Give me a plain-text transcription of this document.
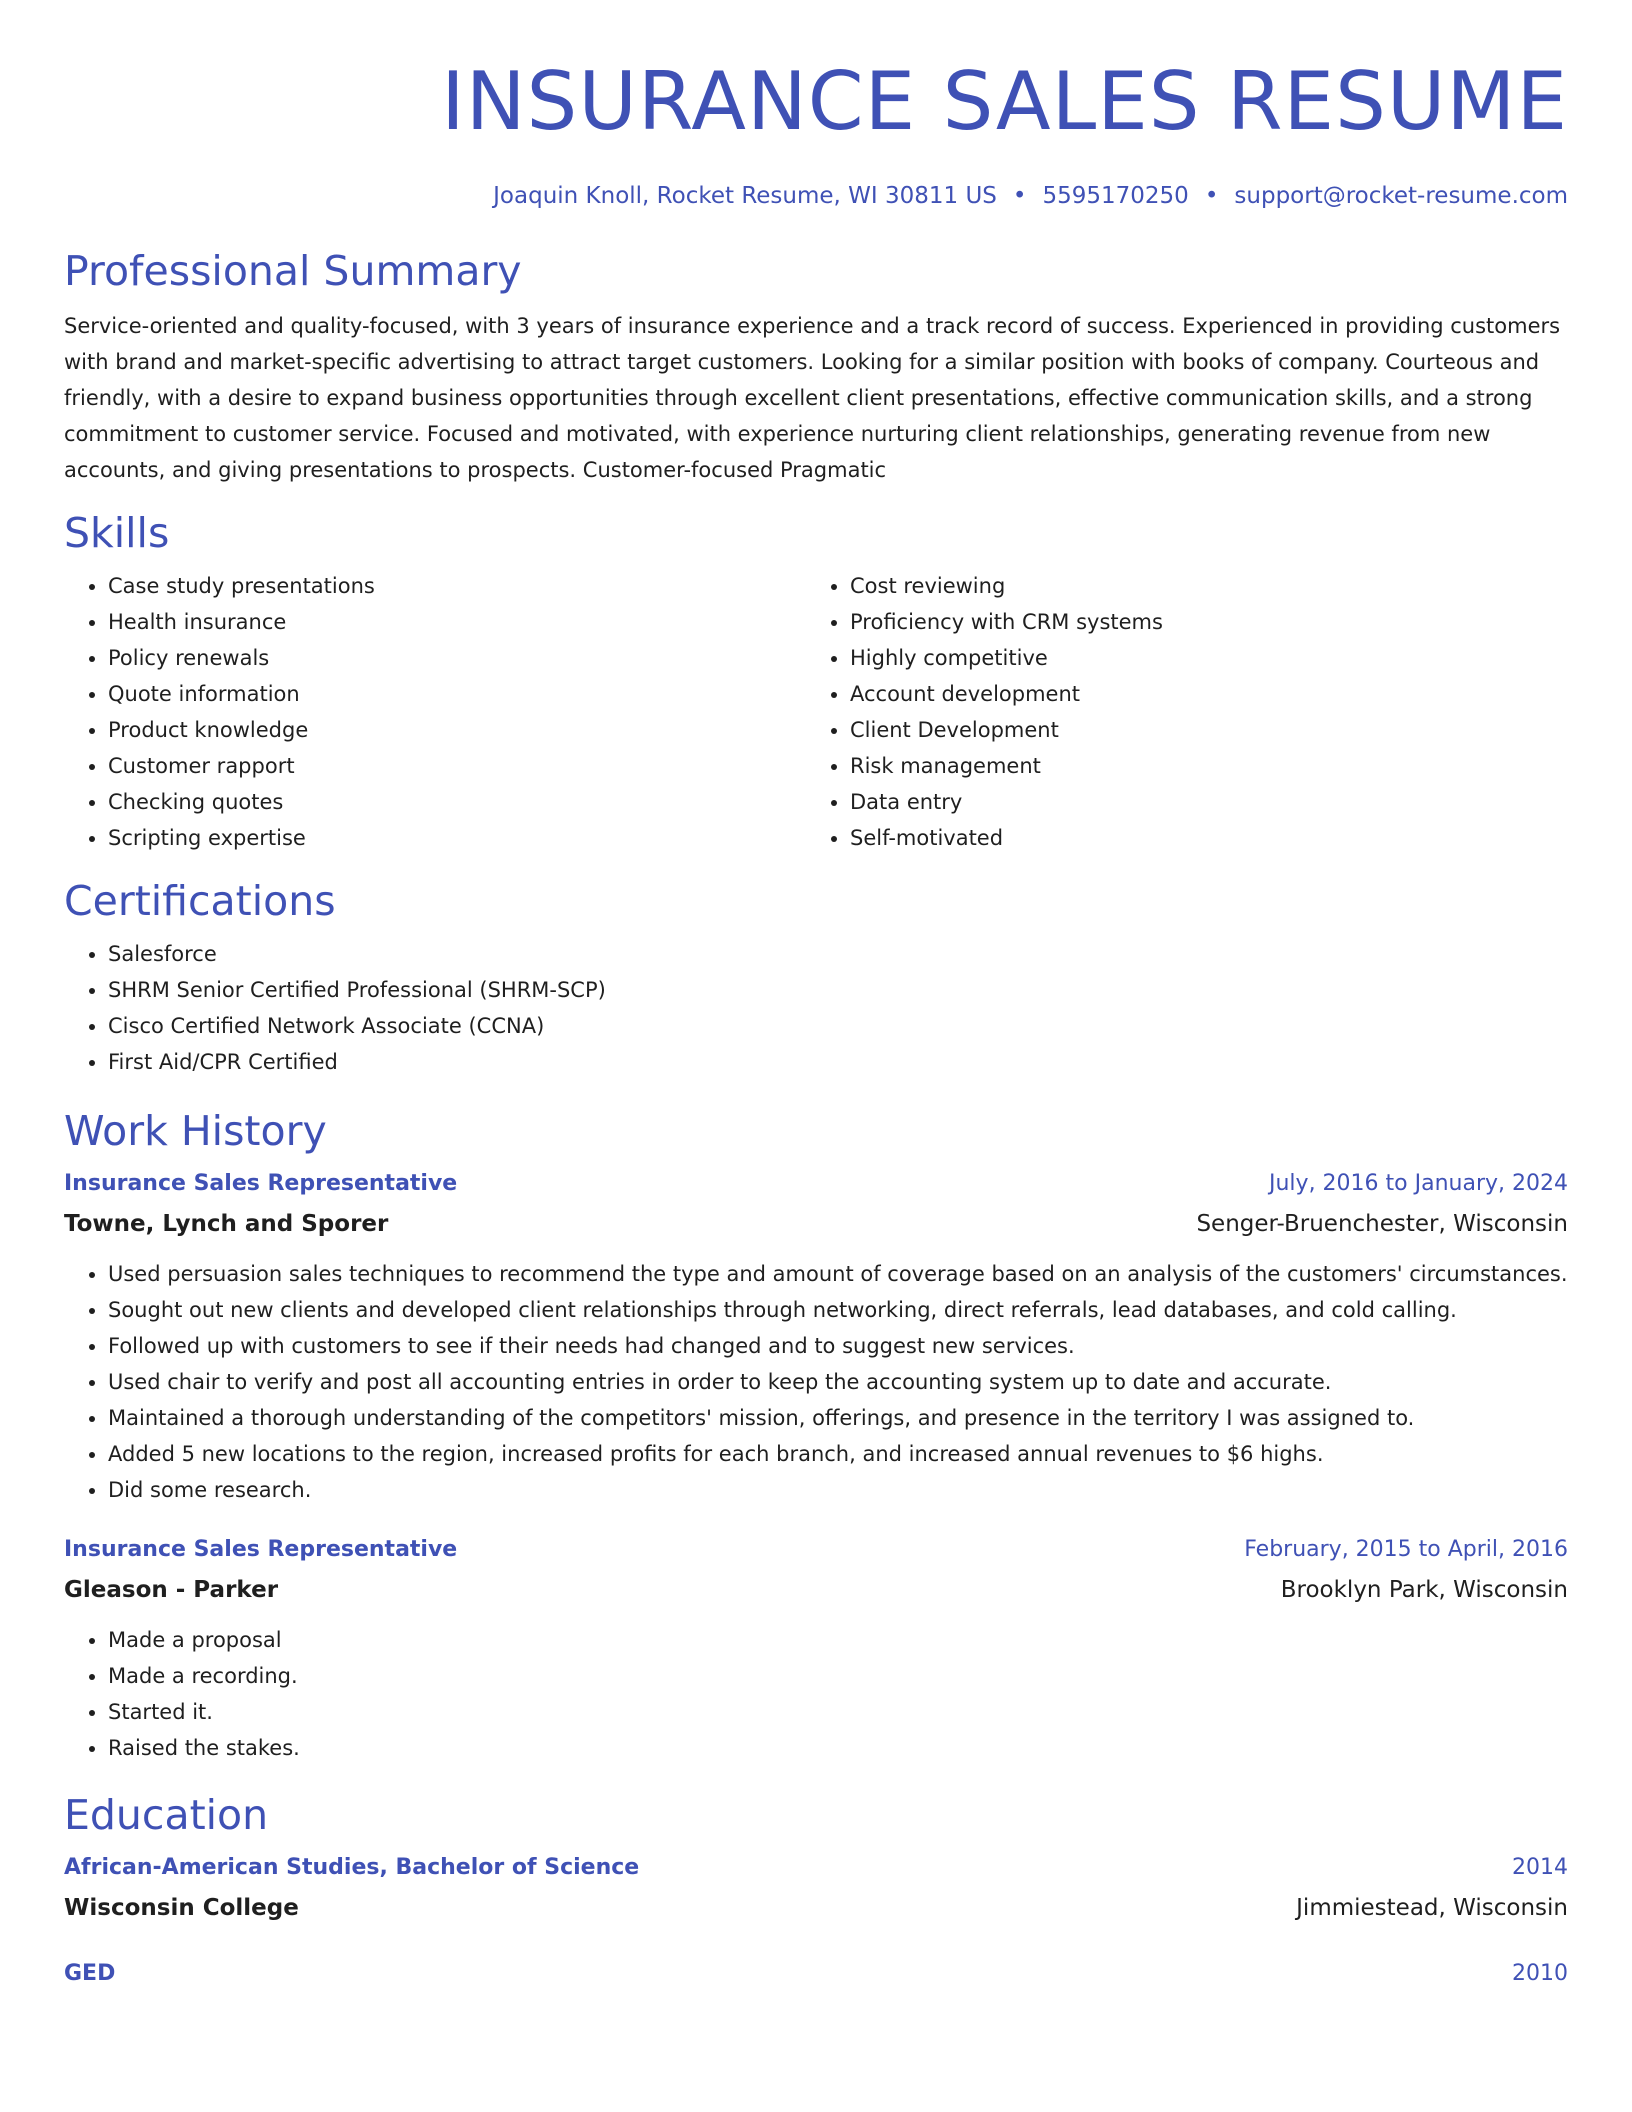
INSURANCE SALES RESUME
Joaquin Knoll, Rocket Resume, WI 30811 US • 5595170250 • support@rocket-resume.com
Professional Summary

Service-oriented and quality-focused, with 3 years of insurance experience and a track record of success. Experienced in providing customers with brand and market-specific advertising to attract target customers. Looking for a similar position with books of company. Courteous and friendly, with a desire to expand business opportunities through excellent client presentations, effective communication skills, and a strong commitment to customer service. Focused and motivated, with experience nurturing client relationships, generating revenue from new accounts, and giving presentations to prospects. Customer-focused Pragmatic

Skills
• Case study presentations
• Health insurance
• Policy renewals
• Quote information
• Product knowledge
• Customer rapport
• Checking quotes
• Scripting expertise
• Cost reviewing
• Proficiency with CRM systems
• Highly competitive
• Account development
• Client Development
• Risk management
• Data entry
• Self-motivated
Certifications
• Salesforce
• SHRM Senior Certified Professional (SHRM-SCP)
• Cisco Certified Network Associate (CCNA)
• First Aid/CPR Certified
Work History
Insurance Sales Representative	July, 2016 to January, 2024
Towne, Lynch and Sporer	Senger-Bruenchester, Wisconsin
• Used persuasion sales techniques to recommend the type and amount of coverage based on an analysis of the customers' circumstances.
• Sought out new clients and developed client relationships through networking, direct referrals, lead databases, and cold calling.
• Followed up with customers to see if their needs had changed and to suggest new services.
• Used chair to verify and post all accounting entries in order to keep the accounting system up to date and accurate.
• Maintained a thorough understanding of the competitors' mission, offerings, and presence in the territory I was assigned to.
• Added 5 new locations to the region, increased profits for each branch, and increased annual revenues to $6 highs.
• Did some research.
Insurance Sales Representative	February, 2015 to April, 2016
Gleason - Parker	Brooklyn Park, Wisconsin
• Made a proposal
• Made a recording.
• Started it.
• Raised the stakes.
Education
African-American Studies, Bachelor of Science	2014
Wisconsin College	Jimmiestead, Wisconsin
GED	2010
